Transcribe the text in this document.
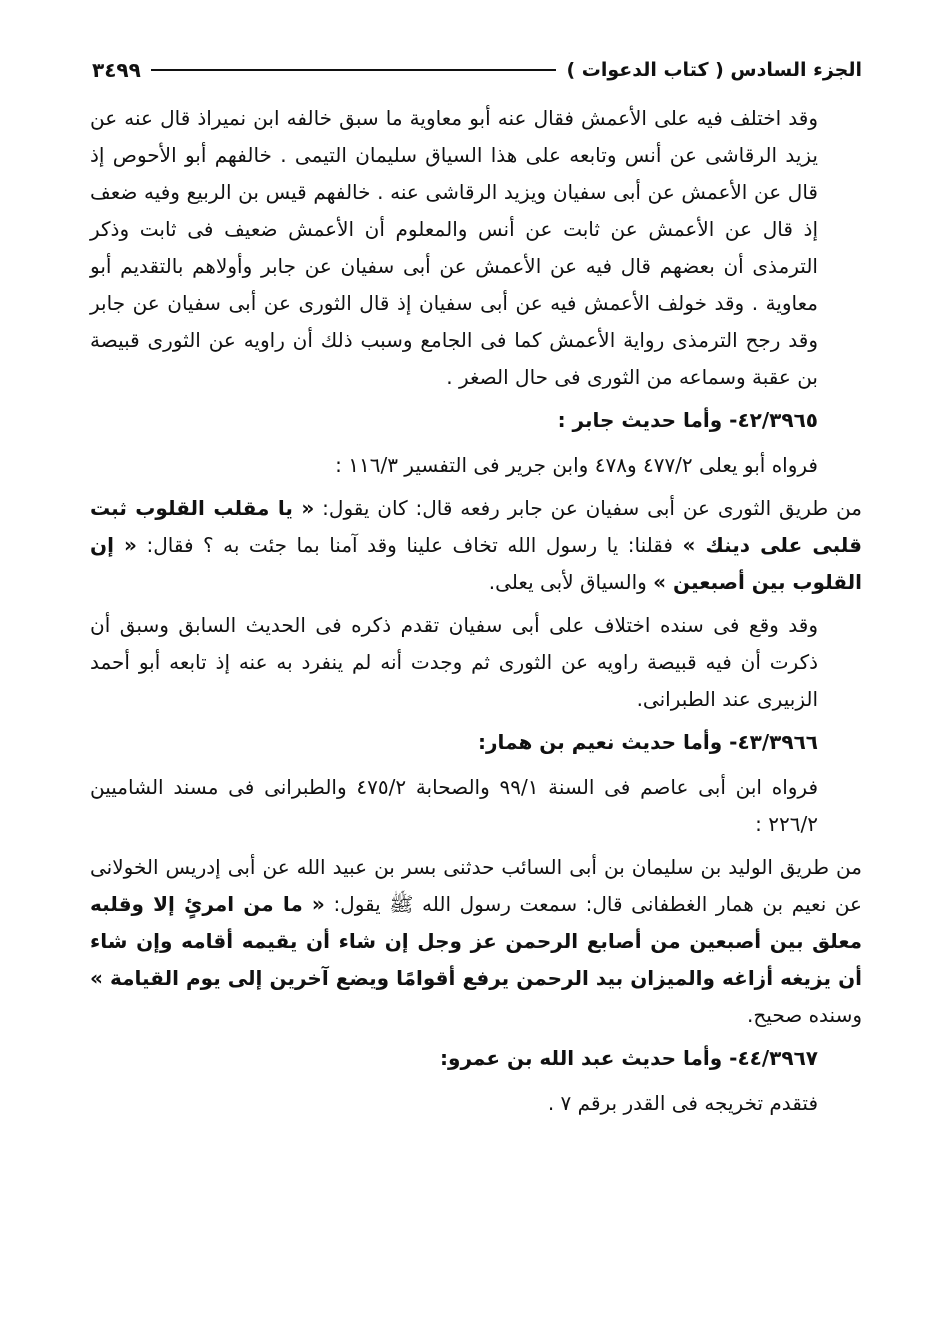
الجزء السادس ( كتاب الدعوات )
٣٤٩٩

وقد اختلف فيه على الأعمش فقال عنه أبو معاوية ما سبق خالفه ابن نميراذ قال عنه عن يزيد الرقاشى عن أنس وتابعه على هذا السياق سليمان التيمى . خالفهم أبو الأحوص إذ قال عن الأعمش عن أبى سفيان ويزيد الرقاشى عنه . خالفهم قيس بن الربيع وفيه ضعف إذ قال عن الأعمش عن ثابت عن أنس والمعلوم أن الأعمش ضعيف فى ثابت وذكر الترمذى أن بعضهم قال فيه عن الأعمش عن أبى سفيان عن جابر وأولاهم بالتقديم أبو معاوية . وقد خولف الأعمش فيه عن أبى سفيان إذ قال الثورى عن أبى سفيان عن جابر وقد رجح الترمذى رواية الأعمش كما فى الجامع وسبب ذلك أن راويه عن الثورى قبيصة بن عقبة وسماعه من الثورى فى حال الصغر .

٤٢/٣٩٦٥- وأما حديث جابر :

فرواه أبو يعلى ٤٧٧/٢ و٤٧٨ وابن جرير فى التفسير ١١٦/٣ :

من طريق الثورى عن أبى سفيان عن جابر رفعه قال: كان يقول: « يا مقلب القلوب ثبت قلبى على دينك » فقلنا: يا رسول الله تخاف علينا وقد آمنا بما جئت به ؟ فقال: « إن القلوب بين أصبعين » والسياق لأبى يعلى.

وقد وقع فى سنده اختلاف على أبى سفيان تقدم ذكره فى الحديث السابق وسبق أن ذكرت أن فيه قبيصة راويه عن الثورى ثم وجدت أنه لم ينفرد به عنه إذ تابعه أبو أحمد الزبيرى عند الطبرانى.

٤٣/٣٩٦٦- وأما حديث نعيم بن همار:

فرواه ابن أبى عاصم فى السنة ٩٩/١ والصحابة ٤٧٥/٢ والطبرانى فى مسند الشاميين ٢٢٦/٢ :

من طريق الوليد بن سليمان بن أبى السائب حدثنى بسر بن عبيد الله عن أبى إدريس الخولانى عن نعيم بن همار الغطفانى قال: سمعت رسول الله ﷺ يقول: « ما من امرئٍ إلا وقلبه معلق بين أصبعين من أصابع الرحمن عز وجل إن شاء أن يقيمه أقامه وإن شاء أن يزيغه أزاغه والميزان بيد الرحمن يرفع أقوامًا ويضع آخرين إلى يوم القيامة » وسنده صحيح.

٤٤/٣٩٦٧- وأما حديث عبد الله بن عمرو:

فتقدم تخريجه فى القدر برقم ٧ .
